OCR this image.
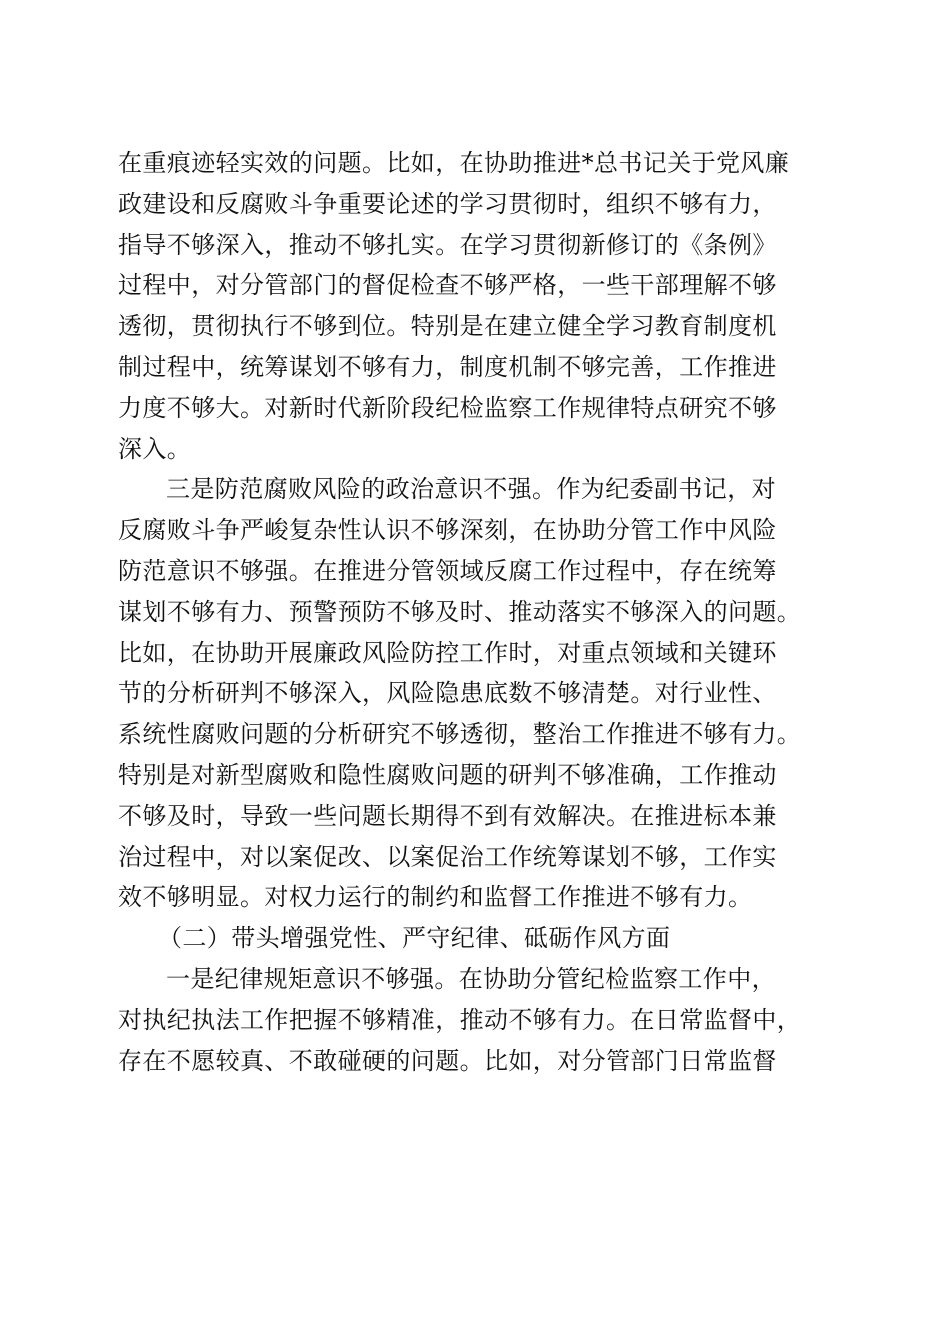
在重痕迹轻实效的问题。比如，在协助推进*总书记关于党风廉
政建设和反腐败斗争重要论述的学习贯彻时，组织不够有力，
指导不够深入，推动不够扎实。在学习贯彻新修订的《条例》
过程中，对分管部门的督促检查不够严格，一些干部理解不够
透彻，贯彻执行不够到位。特别是在建立健全学习教育制度机
制过程中，统筹谋划不够有力，制度机制不够完善，工作推进
力度不够大。对新时代新阶段纪检监察工作规律特点研究不够
深入。
三是防范腐败风险的政治意识不强。作为纪委副书记，对
反腐败斗争严峻复杂性认识不够深刻，在协助分管工作中风险
防范意识不够强。在推进分管领域反腐工作过程中，存在统筹
谋划不够有力、预警预防不够及时、推动落实不够深入的问题。
比如，在协助开展廉政风险防控工作时，对重点领域和关键环
节的分析研判不够深入，风险隐患底数不够清楚。对行业性、
系统性腐败问题的分析研究不够透彻，整治工作推进不够有力。
特别是对新型腐败和隐性腐败问题的研判不够准确，工作推动
不够及时，导致一些问题长期得不到有效解决。在推进标本兼
治过程中，对以案促改、以案促治工作统筹谋划不够，工作实
效不够明显。对权力运行的制约和监督工作推进不够有力。
（二）带头增强党性、严守纪律、砥砺作风方面
一是纪律规矩意识不够强。在协助分管纪检监察工作中，
对执纪执法工作把握不够精准，推动不够有力。在日常监督中，
存在不愿较真、不敢碰硬的问题。比如，对分管部门日常监督
